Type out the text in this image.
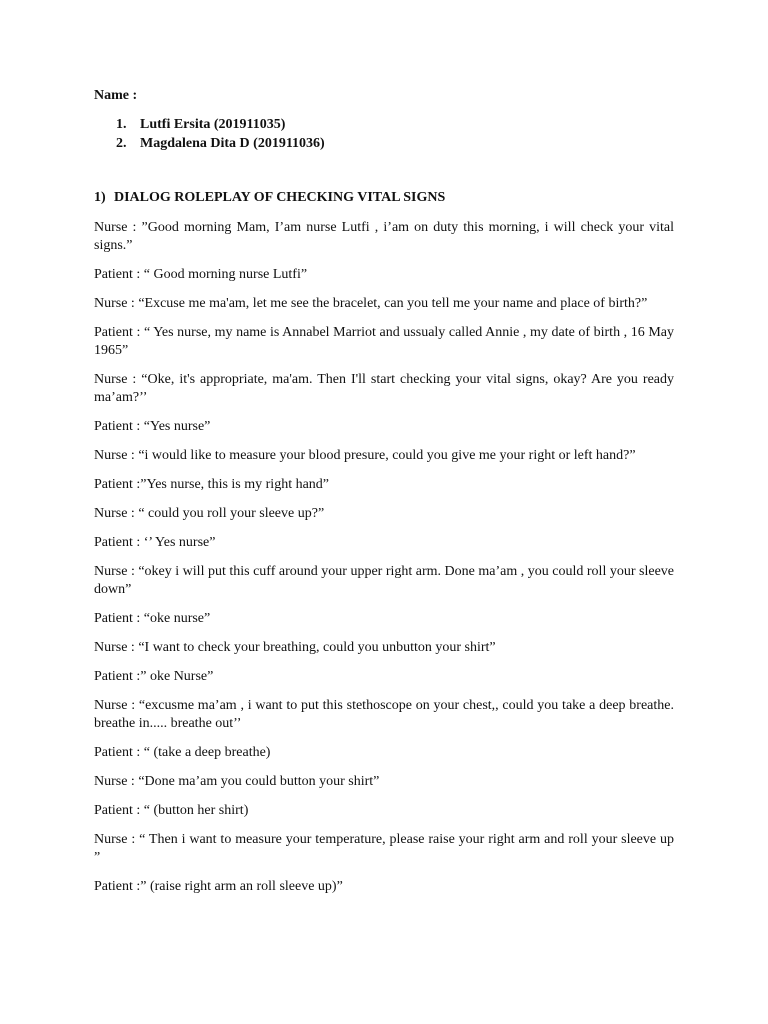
Name :
1. Lutfi Ersita (201911035)
2. Magdalena Dita D (201911036)
1) DIALOG ROLEPLAY OF CHECKING VITAL SIGNS

Nurse : ”Good morning Mam, I’am nurse Lutfi , i’am on duty this morning, i will check your vital signs.”

Patient : “ Good morning nurse Lutfi”

Nurse : “Excuse me ma'am, let me see the bracelet, can you tell me your name and place of birth?”

Patient : “ Yes nurse, my name is Annabel Marriot and ussualy called Annie , my date of birth , 16 May 1965”

Nurse : “Oke, it's appropriate, ma'am. Then I'll start checking your vital signs, okay? Are you ready ma’am?’’

Patient : “Yes nurse”

Nurse : “i would like to measure your blood presure, could you give me your right or left hand?”

Patient :”Yes nurse, this is my right hand”

Nurse : “ could you roll your sleeve up?”

Patient : ‘’ Yes nurse”

Nurse : “okey i will put this cuff around your upper right arm. Done ma’am , you could roll your sleeve down”

Patient : “oke nurse”

Nurse : “I want to check your breathing, could you unbutton your shirt”

Patient :” oke Nurse”

Nurse : “excusme ma’am , i want to put this stethoscope on your chest,, could you take a deep breathe. breathe in..... breathe out’’

Patient : “ (take a deep breathe)

Nurse : “Done ma’am you could button your shirt”

Patient : “ (button her shirt)

Nurse : “ Then i want to measure your temperature, please raise your right arm and roll your sleeve up ”

Patient :” (raise right arm an roll sleeve up)”
